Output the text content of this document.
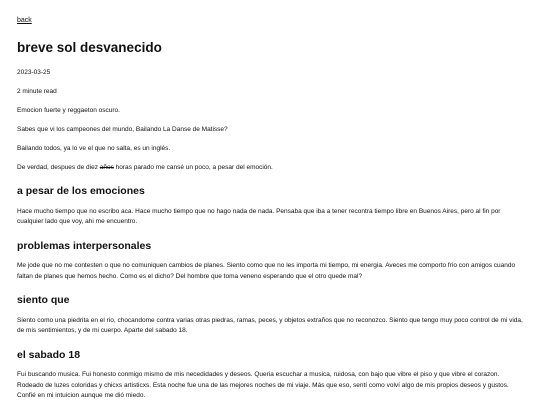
back
breve sol desvanecido

2023-03-25

2 minute read

Emocion fuerte y reggaeton oscuro.

Sabes que vi los campeones del mundo, Bailando La Danse de Matisse?

Bailando todos, ya lo ve el que no salta, es un inglés.

De verdad, despues de diez años horas parado me cansé un poco, a pesar del emoción.

a pesar de los emociones

Hace mucho tiempo que no escribo aca. Hace mucho tiempo que no hago nada de nada. Pensaba que iba a tener recontra tiempo libre en Buenos Aires, pero al fin por cualquier lado que voy, ahi me encuentro.

problemas interpersonales

Me jode que no me contesten o que no comuniquen cambios de planes. Siento como que no les importa mi tiempo, mi energia. Aveces me comporto frio con amigos cuando faltan de planes que hemos hecho. Como es el dicho? Del hombre que toma veneno esperando que el otro quede mal?

siento que

Siento como una piedrita en el rio, chocandome contra varias otras piedras, ramas, peces, y objetos extraños que no reconozco. Siento que tengo muy poco control de mi vida, de mis sentimientos, y de mi cuerpo. Aparte del sabado 18.

el sabado 18

Fui buscando musica. Fui honesto conmigo mismo de mis necedidades y deseos. Queria escuchar a musica, ruidosa, con bajo que vibre el piso y que vibre el corazon. Rodeado de luzes coloridas y chicxs artisticxs. Esta noche fue una de las mejores noches de mi viaje. Más que eso, sentí como volví algo de mis propios deseos y gustos. Confié en mi intuicion aunque me dió miedo.
